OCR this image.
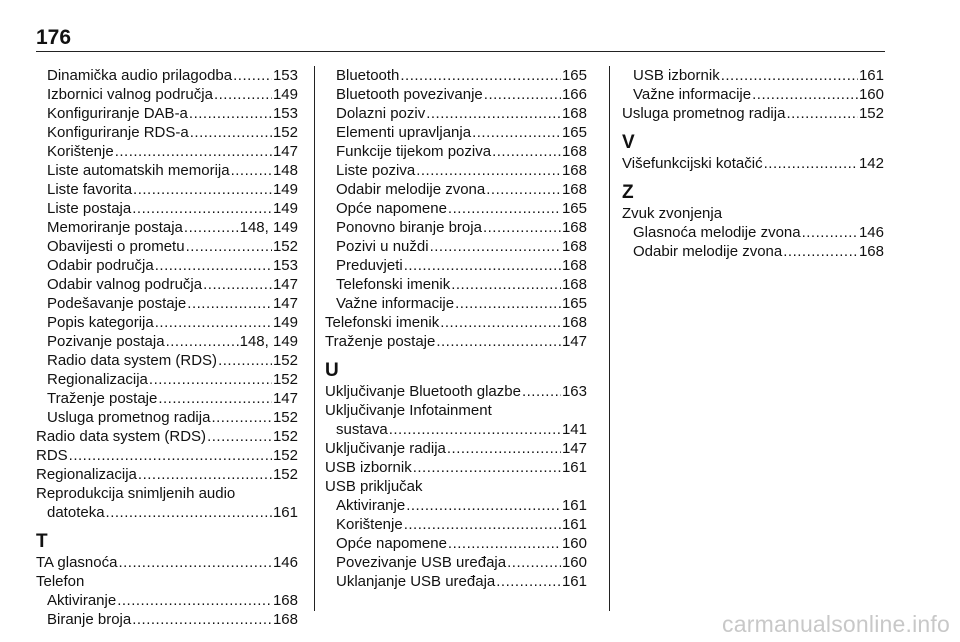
176
Dinamička audio prilagodba .....	153
Izbornici valnog područja .....	149
Konfiguriranje DAB-a .....	153
Konfiguriranje RDS-a .....	152
Korištenje .....	147
Liste automatskih memorija .....	148
Liste favorita .....	149
Liste postaja .....	149
Memoriranje postaja .....	148, 149
Obavijesti o prometu .....	152
Odabir područja .....	153
Odabir valnog područja .....	147
Podešavanje postaje .....	147
Popis kategorija .....	149
Pozivanje postaja .....	148, 149
Radio data system (RDS) .....	152
Regionalizacija .....	152
Traženje postaje .....	147
Usluga prometnog radija .....	152
Radio data system (RDS) .....	152
RDS .....	152
Regionalizacija .....	152
Reprodukcija snimljenih audio
datoteka .....	161
T
TA glasnoća .....	146
Telefon
Aktiviranje .....	168
Biranje broja .....	168
Bluetooth .....	165
Bluetooth povezivanje .....	166
Dolazni poziv .....	168
Elementi upravljanja .....	165
Funkcije tijekom poziva .....	168
Liste poziva .....	168
Odabir melodije zvona .....	168
Opće napomene .....	165
Ponovno biranje broja .....	168
Pozivi u nuždi .....	168
Preduvjeti .....	168
Telefonski imenik .....	168
Važne informacije .....	165
Telefonski imenik .....	168
Traženje postaje .....	147
U
Uključivanje Bluetooth glazbe .....	163
Uključivanje Infotainment
sustava .....	141
Uključivanje radija .....	147
USB izbornik .....	161
USB priključak
Aktiviranje .....	161
Korištenje .....	161
Opće napomene .....	160
Povezivanje USB uređaja .....	160
Uklanjanje USB uređaja .....	161
USB izbornik .....	161
Važne informacije .....	160
Usluga prometnog radija .....	152
V
Višefunkcijski kotačić .....	142
Z
Zvuk zvonjenja
Glasnoća melodije zvona .....	146
Odabir melodije zvona .....	168
carmanualsonline.info
